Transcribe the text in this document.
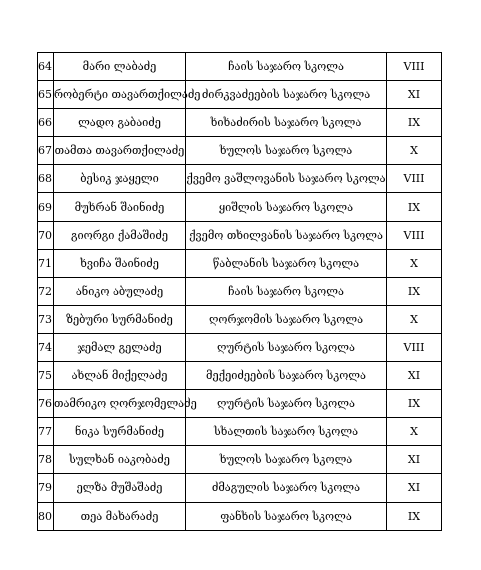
64	მარი ლაბაძე	ჩაის საჯარო სკოლა	VIII
65	რობერტი თავართქილაძე	ძირკვაძეების საჯარო სკოლა	XI
66	ლადო გაბაიძე	ხიხაძირის საჯარო სკოლა	IX
67	თამთა თავართქილაძე	ხულოს საჯარო სკოლა	X
68	ბესიკ ჯაყელი	ქვემო ვაშლოვანის საჯარო სკოლა	VIII
69	მუხრან შაინიძე	ყიშლის საჯარო სკოლა	IX
70	გიორგი ქამაშიძე	ქვემო თხილვანის საჯარო სკოლა	VIII
71	ხვიჩა შაინიძე	წაბლანის საჯარო სკოლა	X
72	ანიკო აბულაძე	ჩაის საჯარო სკოლა	IX
73	ზებური სურმანიძე	ღორჯომის საჯარო სკოლა	X
74	ჯემალ გელაძე	ღურტის საჯარო სკოლა	VIII
75	ახლან მიქელაძე	მექეიძეების საჯარო სკოლა	XI
76	თამრიკო ღორჯომელაძე	ღურტის საჯარო სკოლა	IX
77	ნიკა სურმანიძე	სხალთის საჯარო სკოლა	X
78	სულხან იაკობაძე	ხულოს საჯარო სკოლა	XI
79	ელზა მუშაშაძე	ძმაგულის საჯარო სკოლა	XI
80	თეა მახარაძე	ფანხის საჯარო სკოლა	IX
